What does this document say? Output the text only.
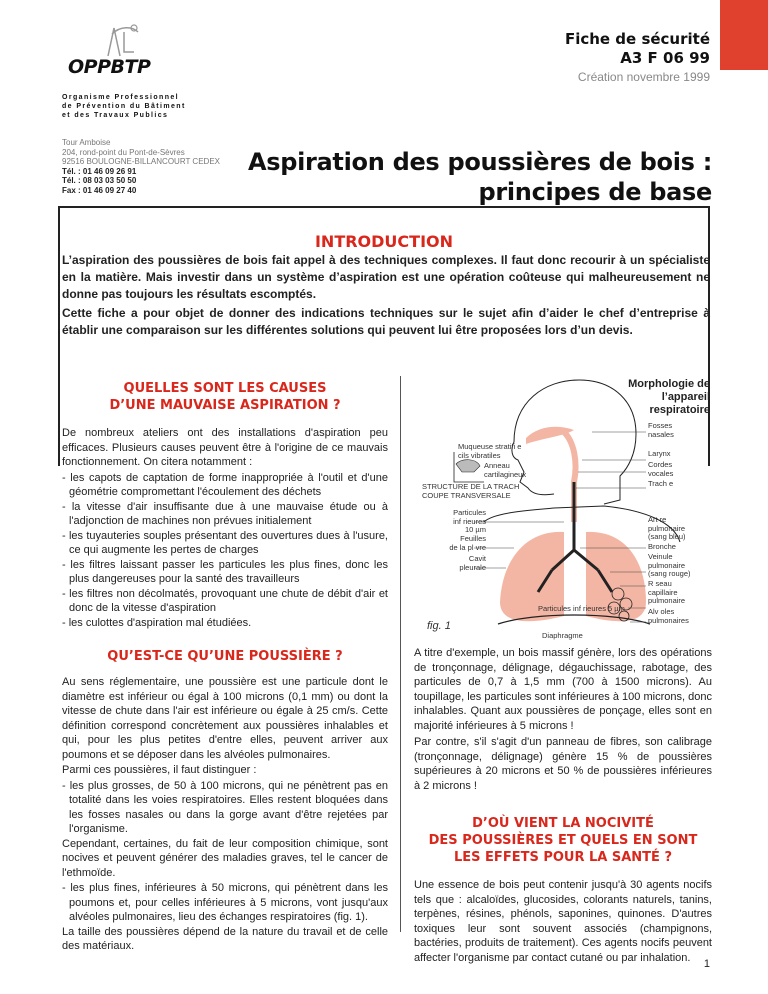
OPPBTP
Organisme Professionnel
de Prévention du Bâtiment
et des Travaux Publics
Tour Amboise
204, rond-point du Pont-de-Sèvres
92516 BOULOGNE-BILLANCOURT CEDEX
Tél. : 01 46 09 26 91
Tél. : 08 03 03 50 50
Fax : 01 46 09 27 40
Fiche de sécurité
A3 F 06 99
Création novembre 1999
Aspiration des poussières de bois :
principes de base
INTRODUCTION
L’aspiration des poussières de bois fait appel à des techniques complexes. Il faut donc recourir à un spécialiste en la matière. Mais investir dans un système d’aspiration est une opération coûteuse qui malheureusement ne donne pas toujours les résultats escomptés.
Cette fiche a pour objet de donner des indications techniques sur le sujet afin d’aider le chef d’entreprise à établir une comparaison sur les différentes solutions qui peuvent lui être proposées lors d’un devis.
QUELLES SONT LES CAUSES
D’UNE MAUVAISE ASPIRATION ?

De nombreux ateliers ont des installations d'aspiration peu efficaces. Plusieurs causes peuvent être à l'origine de ce mauvais fonctionnement. On citera notamment :

- les capots de captation de forme inappropriée à l'outil et d'une géométrie compromettant l'écoulement des déchets
- la vitesse d'air insuffisante due à une mauvaise étude ou à l'adjonction de machines non prévues initialement
- les tuyauteries souples présentant des ouvertures dues à l'usure, ce qui augmente les pertes de charges
- les filtres laissant passer les particules les plus fines, donc les plus dangereuses pour la santé des travailleurs
- les filtres non décolmatés, provoquant une chute de débit d'air et donc de la vitesse d'aspiration
- les culottes d'aspiration mal étudiées.
QU’EST-CE QU’UNE POUSSIÈRE ?

Au sens réglementaire, une poussière est une particule dont le diamètre est inférieur ou égal à 100 microns (0,1 mm) ou dont la vitesse de chute dans l'air est inférieure ou égale à 25 cm/s. Cette définition correspond concrètement aux poussières inhalables et qui, pour les plus petites d'entre elles, peuvent arriver aux poumons et se déposer dans les alvéoles pulmonaires.

Parmi ces poussières, il faut distinguer :

- les plus grosses, de 50 à 100 microns, qui ne pénètrent pas en totalité dans les voies respiratoires. Elles restent bloquées dans les fosses nasales ou dans la gorge avant d'être rejetées par l'organisme.

Cependant, certaines, du fait de leur composition chimique, sont nocives et peuvent générer des maladies graves, tel le cancer de l'ethmoïde.

- les plus fines, inférieures à 50 microns, qui pénètrent dans les poumons et, pour celles inférieures à 5 microns, vont jusqu'aux alvéoles pulmonaires, lieu des échanges respiratoires (fig. 1).

La taille des poussières dépend de la nature du travail et de celle des matériaux.

Morphologie de
l’appareil
respiratoire
Fosses
nasales
Muqueuse stratifi e
cils vibratiles	Larynx
Cordes
vocales
Anneau
cartilagineux
Trach e
STRUCTURE DE LA TRACH
COUPE TRANSVERSALE
Particules
inf rieures
10 µm
Art re
pulmonaire
(sang bleu)
Feuilles
de la pl vre	Bronche
Veinule
pulmonaire
(sang rouge)
Cavit
pleurale
R seau
capillaire
pulmonaire
Particules inf rieures 5 µm	Alv oles
pulmonaires
Diaphragme
fig. 1

A titre d'exemple, un bois massif génère, lors des opérations de tronçonnage, délignage, dégauchissage, rabotage, des particules de 0,7 à 1,5 mm (700 à 1500 microns). Au toupillage, les particules sont inférieures à 100 microns, donc inhalables. Quant aux poussières de ponçage, elles sont en majorité inférieures à 5 microns !

Par contre, s'il s'agit d'un panneau de fibres, son calibrage (tronçonnage, délignage) génère 15 % de poussières supérieures à 20 microns et 50 % de poussières inférieures à 2 microns !

D’OÙ VIENT LA NOCIVITÉ
DES POUSSIÈRES ET QUELS EN SONT
LES EFFETS POUR LA SANTÉ ?

Une essence de bois peut contenir jusqu'à 30 agents nocifs tels que : alcaloïdes, glucosides, colorants naturels, tanins, terpènes, résines, phénols, saponines, quinones. D'autres toxiques leur sont souvent associés (champignons, bactéries, produits de traitement). Ces agents nocifs peuvent affecter l'organisme par contact cutané ou par inhalation.

1
